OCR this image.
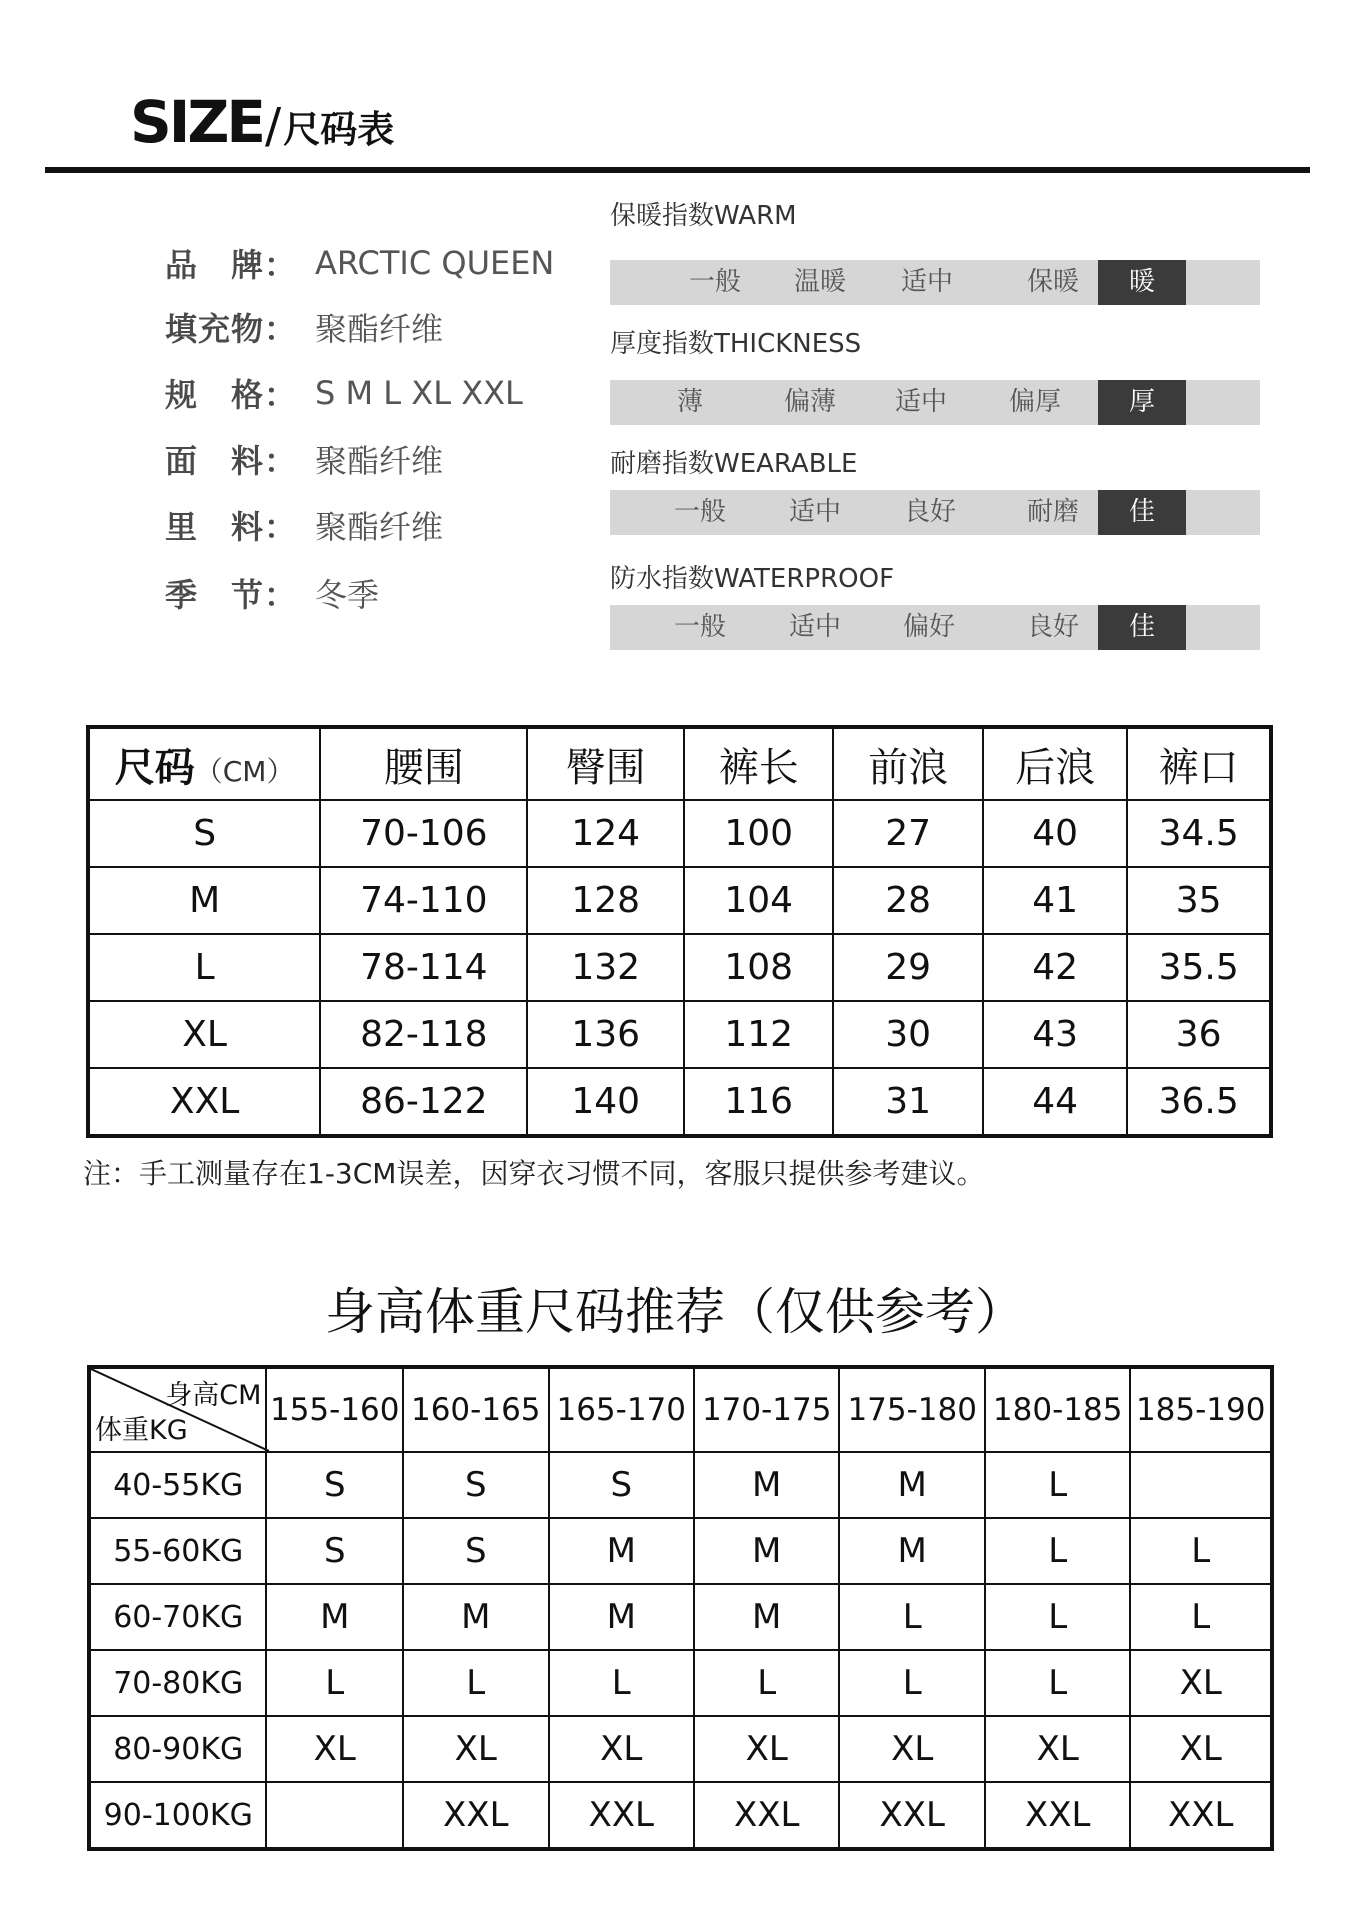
SIZE/尺码表
品　牌： ARCTIC QUEEN
填充物： 聚酯纤维
规　格： S M L XL XXL
面　料： 聚酯纤维
里　料： 聚酯纤维
季　节： 冬季
保暖指数WARM
一般	温暖	适中	保暖	暖
厚度指数THICKNESS
薄	偏薄	适中	偏厚	厚
耐磨指数WEARABLE
一般	适中	良好	耐磨	佳
防水指数WATERPROOF
一般	适中	偏好	良好	佳
尺码（CM）	腰围	臀围	裤长	前浪	后浪	裤口
S	70-106	124	100	27	40	34.5
M	74-110	128	104	28	41	35
L	78-114	132	108	29	42	35.5
XL	82-118	136	112	30	43	36
XXL	86-122	140	116	31	44	36.5
注：手工测量存在1-3CM误差，因穿衣习惯不同，客服只提供参考建议。
身高体重尺码推荐（仅供参考）
身高CM
体重KG	155-160	160-165	165-170	170-175	175-180	180-185	185-190
40-55KG	S	S	S	M	M	L	
55-60KG	S	S	M	M	M	L	L
60-70KG	M	M	M	M	L	L	L
70-80KG	L	L	L	L	L	L	XL
80-90KG	XL	XL	XL	XL	XL	XL	XL
90-100KG		XXL	XXL	XXL	XXL	XXL	XXL
